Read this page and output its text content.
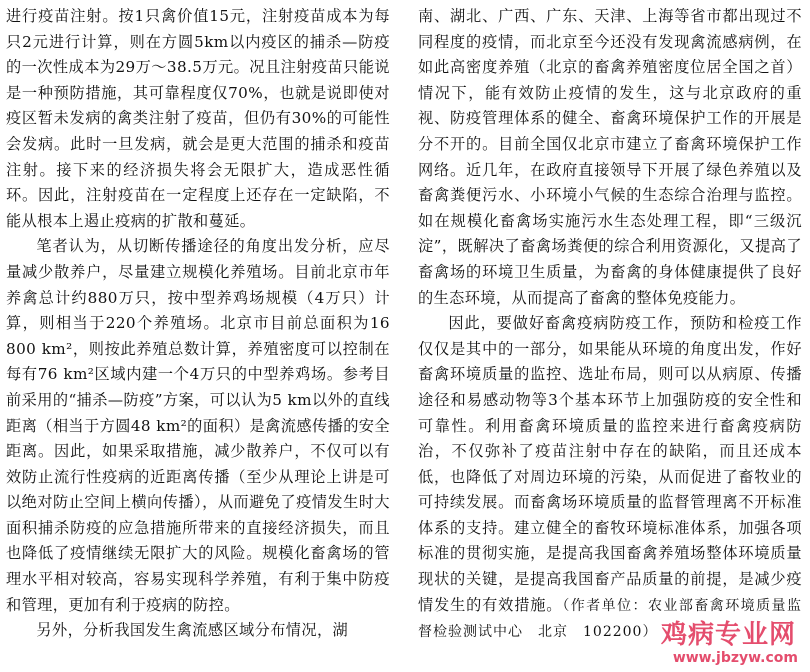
进行疫苗注射。按1只禽价值15元，注射疫苗成本为每只2元进行计算，则在方圆5km以内疫区的捕杀—防疫的一次性成本为29万～38.5万元。况且注射疫苗只能说是一种预防措施，其可靠程度仅70%，也就是说即使对疫区暂未发病的禽类注射了疫苗，但仍有30%的可能性会发病。此时一旦发病，就会是更大范围的捕杀和疫苗注射。接下来的经济损失将会无限扩大，造成恶性循环。因此，注射疫苗在一定程度上还存在一定缺陷，不能从根本上遏止疫病的扩散和蔓延。

笔者认为，从切断传播途径的角度出发分析，应尽量减少散养户，尽量建立规模化养殖场。目前北京市年养禽总计约880万只，按中型养鸡场规模（4万只）计算，则相当于220个养殖场。北京市目前总面积为16 800 km²，则按此养殖总数计算，养殖密度可以控制在每有76 km²区域内建一个4万只的中型养鸡场。参考目前采用的“捕杀—防疫”方案，可以认为5 km以外的直线距离（相当于方圆48 km²的面积）是禽流感传播的安全距离。因此，如果采取措施，减少散养户，不仅可以有效防止流行性疫病的近距离传播（至少从理论上讲是可以绝对防止空间上横向传播），从而避免了疫情发生时大面积捕杀防疫的应急措施所带来的直接经济损失，而且也降低了疫情继续无限扩大的风险。规模化畜禽场的管理水平相对较高，容易实现科学养殖，有利于集中防疫和管理，更加有利于疫病的防控。

另外，分析我国发生禽流感区域分布情况，湖

南、湖北、广西、广东、天津、上海等省市都出现过不同程度的疫情，而北京至今还没有发现禽流感病例，在如此高密度养殖（北京的畜禽养殖密度位居全国之首）情况下，能有效防止疫情的发生，这与北京政府的重视、防疫管理体系的健全、畜禽环境保护工作的开展是分不开的。目前全国仅北京市建立了畜禽环境保护工作网络。近几年，在政府直接领导下开展了绿色养殖以及畜禽粪便污水、小环境小气候的生态综合治理与监控。如在规模化畜禽场实施污水生态处理工程，即“三级沉淀”，既解决了畜禽场粪便的综合利用资源化，又提高了畜禽场的环境卫生质量，为畜禽的身体健康提供了良好的生态环境，从而提高了畜禽的整体免疫能力。

因此，要做好畜禽疫病防疫工作，预防和检疫工作仅仅是其中的一部分，如果能从环境的角度出发，作好畜禽环境质量的监控、选址布局，则可以从病原、传播途径和易感动物等3个基本环节上加强防疫的安全性和可靠性。利用畜禽环境质量的监控来进行畜禽疫病防治，不仅弥补了疫苗注射中存在的缺陷，而且还成本低，也降低了对周边环境的污染，从而促进了畜牧业的可持续发展。而畜禽场环境质量的监督管理离不开标准体系的支持。建立健全的畜牧环境标准体系，加强各项标准的贯彻实施，是提高我国畜禽养殖场整体环境质量现状的关键，是提高我国畜产品质量的前提，是减少疫情发生的有效措施。（作者单位：农业部畜禽环境质量监督检验测试中心　北京　102200） 鸡病专业网
www.jbzyw.com
